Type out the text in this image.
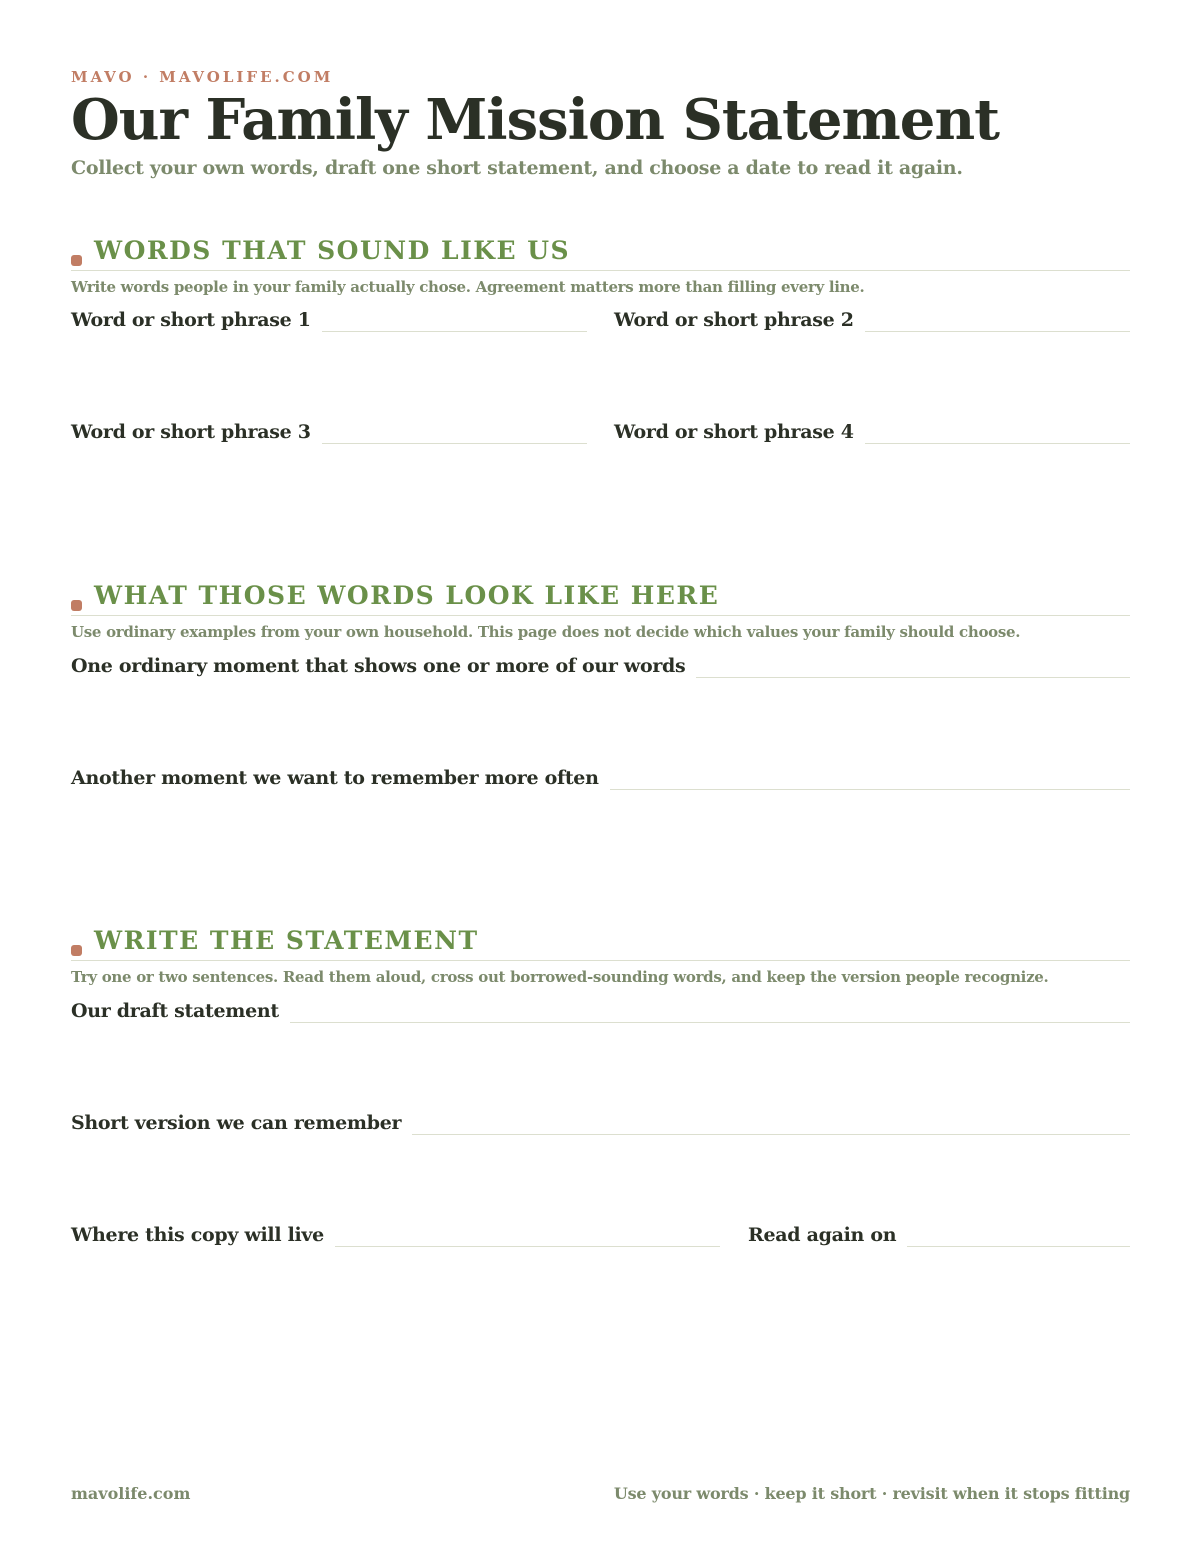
MAVO · MAVOLIFE.COM
Our Family Mission Statement
Collect your own words, draft one short statement, and choose a date to read it again.
WORDS THAT SOUND LIKE US
Write words people in your family actually chose. Agreement matters more than filling every line.
Word or short phrase 1	Word or short phrase 2
Word or short phrase 3	Word or short phrase 4
WHAT THOSE WORDS LOOK LIKE HERE
Use ordinary examples from your own household. This page does not decide which values your family should choose.
One ordinary moment that shows one or more of our words
Another moment we want to remember more often
WRITE THE STATEMENT
Try one or two sentences. Read them aloud, cross out borrowed-sounding words, and keep the version people recognize.
Our draft statement
Short version we can remember
Where this copy will live	Read again on
mavolife.com	Use your words · keep it short · revisit when it stops fitting
